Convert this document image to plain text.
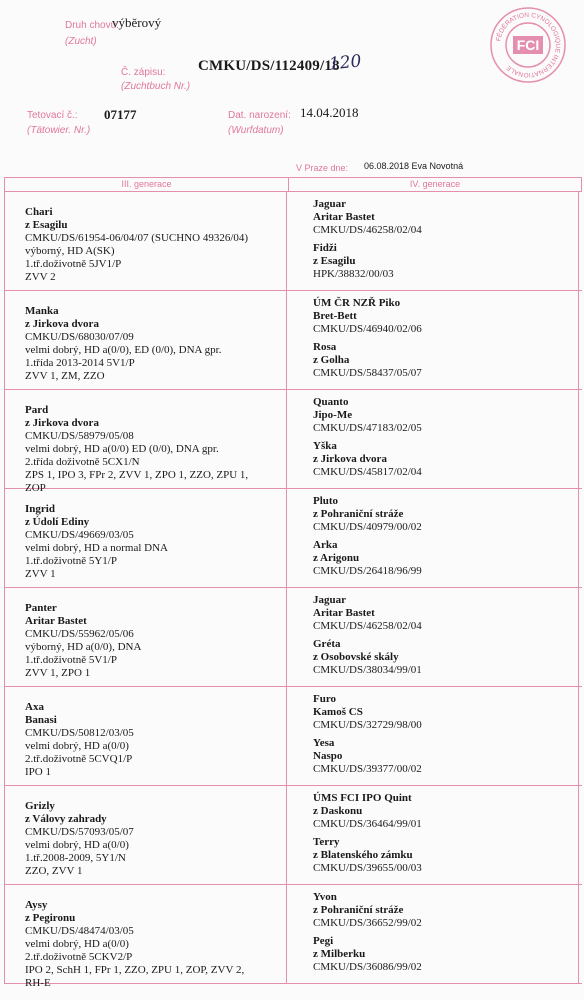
Druh chovu:
(Zucht)
výběrový
Č. zápisu:
(Zuchtbuch Nr.)
CMKU/DS/112409/18
120
Tetovací č.:
(Tätowier. Nr.)
07177	Dat. narození:
(Wurfdatum)
14.04.2018
V Praze dne: 06.08.2018 Eva Novotná
FÉDÉRATION CYNOLOGIQUE INTERNATIONALE
FCI
III. generace	IV. generace
Chari
z Esagilu
CMKU/DS/61954-06/04/07 (SUCHNO 49326/04)
výborný, HD A(SK)
1.tř.doživotně 5JV1/P
ZVV 2
Jaguar
Aritar Bastet
CMKU/DS/46258/02/04
Fidži
z Esagilu
HPK/38832/00/03
Manka
z Jirkova dvora
CMKU/DS/68030/07/09
velmi dobrý, HD a(0/0), ED (0/0), DNA gpr.
1.třída 2013-2014 5V1/P
ZVV 1, ZM, ZZO
ÚM ČR NZŘ Piko
Bret-Bett
CMKU/DS/46940/02/06
Rosa
z Golha
CMKU/DS/58437/05/07
Pard
z Jirkova dvora
CMKU/DS/58979/05/08
velmi dobrý, HD a(0/0) ED (0/0), DNA gpr.
2.třída doživotně 5CX1/N
ZPS 1, IPO 3, FPr 2, ZVV 1, ZPO 1, ZZO, ZPU 1,
ZOP
Quanto
Jipo-Me
CMKU/DS/47183/02/05
Yška
z Jirkova dvora
CMKU/DS/45817/02/04
Ingrid
z Údolí Ediny
CMKU/DS/49669/03/05
velmi dobrý, HD a normal DNA
1.tř.doživotně 5Y1/P
ZVV 1
Pluto
z Pohraniční stráže
CMKU/DS/40979/00/02
Arka
z Arigonu
CMKU/DS/26418/96/99
Panter
Aritar Bastet
CMKU/DS/55962/05/06
výborný, HD a(0/0), DNA
1.tř.doživotně 5V1/P
ZVV 1, ZPO 1
Jaguar
Aritar Bastet
CMKU/DS/46258/02/04
Gréta
z Osobovské skály
CMKU/DS/38034/99/01
Axa
Banasi
CMKU/DS/50812/03/05
velmi dobrý, HD a(0/0)
2.tř.doživotně 5CVQ1/P
IPO 1
Furo
Kamoš CS
CMKU/DS/32729/98/00
Yesa
Naspo
CMKU/DS/39377/00/02
Grizly
z Válovy zahrady
CMKU/DS/57093/05/07
velmi dobrý, HD a(0/0)
1.tř.2008-2009, 5Y1/N
ZZO, ZVV 1
ÚMS FCI IPO Quint
z Daskonu
CMKU/DS/36464/99/01
Terry
z Blatenského zámku
CMKU/DS/39655/00/03
Aysy
z Pegironu
CMKU/DS/48474/03/05
velmi dobrý, HD a(0/0)
2.tř.doživotně 5CKV2/P
IPO 2, SchH 1, FPr 1, ZZO, ZPU 1, ZOP, ZVV 2,
RH-E
Yvon
z Pohraniční stráže
CMKU/DS/36652/99/02
Pegi
z Milberku
CMKU/DS/36086/99/02
